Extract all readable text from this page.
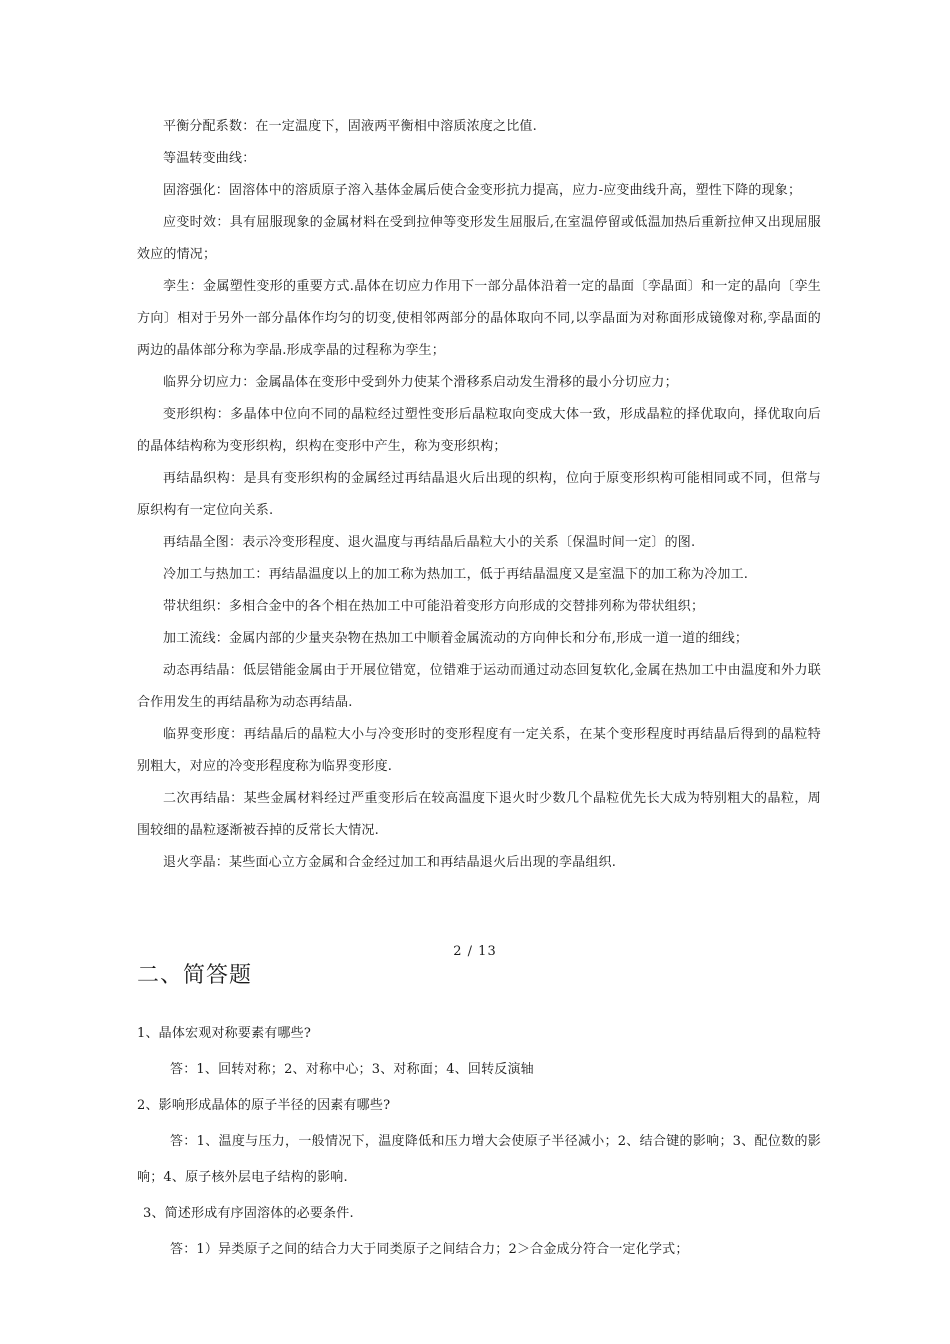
平衡分配系数：在一定温度下，固液两平衡相中溶质浓度之比值.

等温转变曲线：

固溶强化：固溶体中的溶质原子溶入基体金属后使合金变形抗力提高，应力-应变曲线升高，塑性下降的现象；

应变时效：具有屈服现象的金属材料在受到拉伸等变形发生屈服后,在室温停留或低温加热后重新拉伸又出现屈服效应的情况；

孪生：金属塑性变形的重要方式.晶体在切应力作用下一部分晶体沿着一定的晶面〔孪晶面〕和一定的晶向〔孪生方向〕相对于另外一部分晶体作均匀的切变,使相邻两部分的晶体取向不同,以孪晶面为对称面形成镜像对称,孪晶面的两边的晶体部分称为孪晶.形成孪晶的过程称为孪生；

临界分切应力：金属晶体在变形中受到外力使某个滑移系启动发生滑移的最小分切应力；

变形织构：多晶体中位向不同的晶粒经过塑性变形后晶粒取向变成大体一致，形成晶粒的择优取向，择优取向后的晶体结构称为变形织构，织构在变形中产生，称为变形织构；

再结晶织构：是具有变形织构的金属经过再结晶退火后出现的织构，位向于原变形织构可能相同或不同，但常与原织构有一定位向关系.

再结晶全图：表示冷变形程度、退火温度与再结晶后晶粒大小的关系〔保温时间一定〕的图.

冷加工与热加工：再结晶温度以上的加工称为热加工，低于再结晶温度又是室温下的加工称为冷加工.

带状组织：多相合金中的各个相在热加工中可能沿着变形方向形成的交替排列称为带状组织；

加工流线：金属内部的少量夹杂物在热加工中顺着金属流动的方向伸长和分布,形成一道一道的细线；

动态再结晶：低层错能金属由于开展位错宽，位错难于运动而通过动态回复软化,金属在热加工中由温度和外力联合作用发生的再结晶称为动态再结晶.

临界变形度：再结晶后的晶粒大小与冷变形时的变形程度有一定关系，在某个变形程度时再结晶后得到的晶粒特别粗大，对应的冷变形程度称为临界变形度.

二次再结晶：某些金属材料经过严重变形后在较高温度下退火时少数几个晶粒优先长大成为特别粗大的晶粒，周围较细的晶粒逐渐被吞掉的反常长大情况.

退火孪晶：某些面心立方金属和合金经过加工和再结晶退火后出现的孪晶组织.

2 / 13
二、简答题

1、晶体宏观对称要素有哪些?

答：1、回转对称；2、对称中心；3、对称面；4、回转反演轴

2、影响形成晶体的原子半径的因素有哪些?

答：1、温度与压力，一般情况下，温度降低和压力增大会使原子半径减小；2、结合键的影响；3、配位数的影响；4、原子核外层电子结构的影响.

3、简述形成有序固溶体的必要条件.

答：1）异类原子之间的结合力大于同类原子之间结合力；2＞合金成分符合一定化学式；
